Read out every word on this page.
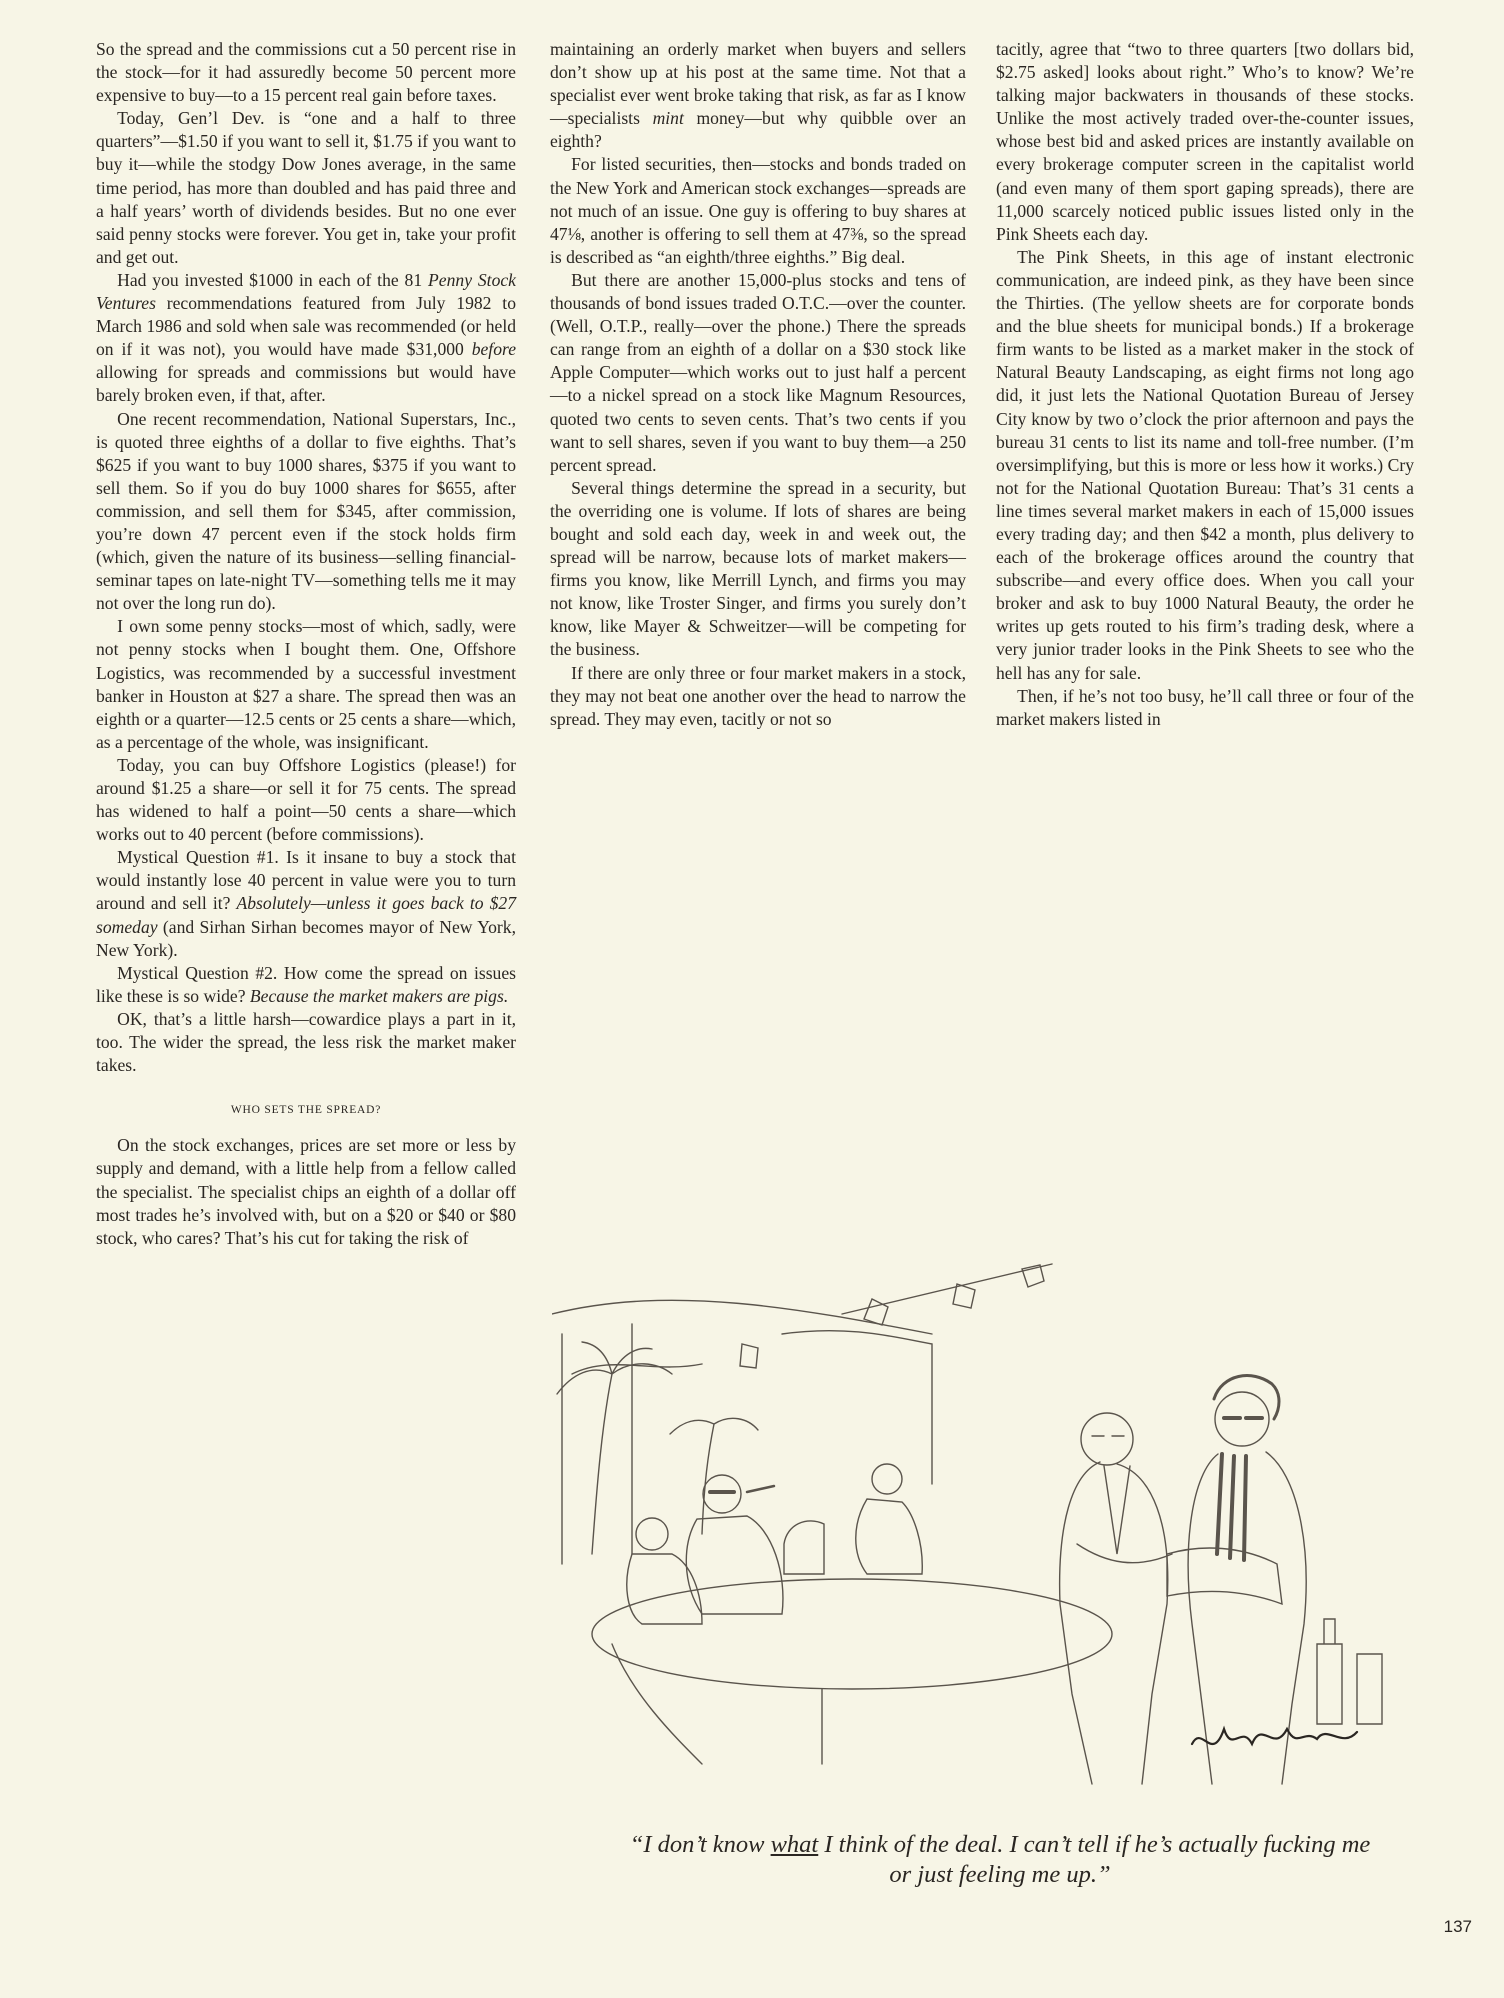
So the spread and the commissions cut a 50 percent rise in the stock—for it had assuredly become 50 percent more expensive to buy—to a 15 percent real gain before taxes.

Today, Gen’l Dev. is “one and a half to three quarters”—$1.50 if you want to sell it, $1.75 if you want to buy it—while the stodgy Dow Jones average, in the same time period, has more than doubled and has paid three and a half years’ worth of dividends besides. But no one ever said penny stocks were forever. You get in, take your profit and get out.

Had you invested $1000 in each of the 81 Penny Stock Ventures recommendations featured from July 1982 to March 1986 and sold when sale was recommended (or held on if it was not), you would have made $31,000 before allowing for spreads and commissions but would have barely broken even, if that, after.

One recent recommendation, National Superstars, Inc., is quoted three eighths of a dollar to five eighths. That’s $625 if you want to buy 1000 shares, $375 if you want to sell them. So if you do buy 1000 shares for $655, after commission, and sell them for $345, after commission, you’re down 47 percent even if the stock holds firm (which, given the nature of its business—selling financial-seminar tapes on late-night TV—something tells me it may not over the long run do).

I own some penny stocks—most of which, sadly, were not penny stocks when I bought them. One, Offshore Logistics, was recommended by a successful investment banker in Houston at $27 a share. The spread then was an eighth or a quarter—12.5 cents or 25 cents a share—which, as a percentage of the whole, was insignificant.

Today, you can buy Offshore Logistics (please!) for around $1.25 a share—or sell it for 75 cents. The spread has widened to half a point—50 cents a share—which works out to 40 percent (before commissions).

Mystical Question #1. Is it insane to buy a stock that would instantly lose 40 percent in value were you to turn around and sell it? Absolutely—unless it goes back to $27 someday (and Sirhan Sirhan becomes mayor of New York, New York).

Mystical Question #2. How come the spread on issues like these is so wide? Because the market makers are pigs.

OK, that’s a little harsh—cowardice plays a part in it, too. The wider the spread, the less risk the market maker takes.

WHO SETS THE SPREAD?

On the stock exchanges, prices are set more or less by supply and demand, with a little help from a fellow called the specialist. The specialist chips an eighth of a dollar off most trades he’s involved with, but on a $20 or $40 or $80 stock, who cares? That’s his cut for taking the risk of

maintaining an orderly market when buyers and sellers don’t show up at his post at the same time. Not that a specialist ever went broke taking that risk, as far as I know—specialists mint money—but why quibble over an eighth?

For listed securities, then—stocks and bonds traded on the New York and American stock exchanges—spreads are not much of an issue. One guy is offering to buy shares at 47⅛, another is offering to sell them at 47⅜, so the spread is described as “an eighth/three eighths.” Big deal.

But there are another 15,000-plus stocks and tens of thousands of bond issues traded O.T.C.—over the counter. (Well, O.T.P., really—over the phone.) There the spreads can range from an eighth of a dollar on a $30 stock like Apple Computer—which works out to just half a percent—to a nickel spread on a stock like Magnum Resources, quoted two cents to seven cents. That’s two cents if you want to sell shares, seven if you want to buy them—a 250 percent spread.

Several things determine the spread in a security, but the overriding one is volume. If lots of shares are being bought and sold each day, week in and week out, the spread will be narrow, because lots of market makers—firms you know, like Merrill Lynch, and firms you may not know, like Troster Singer, and firms you surely don’t know, like Mayer & Schweitzer—will be competing for the business.

If there are only three or four market makers in a stock, they may not beat one another over the head to narrow the spread. They may even, tacitly or not so

tacitly, agree that “two to three quarters [two dollars bid, $2.75 asked] looks about right.” Who’s to know? We’re talking major backwaters in thousands of these stocks. Unlike the most actively traded over-the-counter issues, whose best bid and asked prices are instantly available on every brokerage computer screen in the capitalist world (and even many of them sport gaping spreads), there are 11,000 scarcely noticed public issues listed only in the Pink Sheets each day.

The Pink Sheets, in this age of instant electronic communication, are indeed pink, as they have been since the Thirties. (The yellow sheets are for corporate bonds and the blue sheets for municipal bonds.) If a brokerage firm wants to be listed as a market maker in the stock of Natural Beauty Landscaping, as eight firms not long ago did, it just lets the National Quotation Bureau of Jersey City know by two o’clock the prior afternoon and pays the bureau 31 cents to list its name and toll-free number. (I’m oversimplifying, but this is more or less how it works.) Cry not for the National Quotation Bureau: That’s 31 cents a line times several market makers in each of 15,000 issues every trading day; and then $42 a month, plus delivery to each of the brokerage offices around the country that subscribe—and every office does. When you call your broker and ask to buy 1000 Natural Beauty, the order he writes up gets routed to his firm’s trading desk, where a very junior trader looks in the Pink Sheets to see who the hell has any for sale.

Then, if he’s not too busy, he’ll call three or four of the market makers listed in

“I don’t know what I think of the deal. I can’t tell if he’s actually fucking me or just feeling me up.”
137
